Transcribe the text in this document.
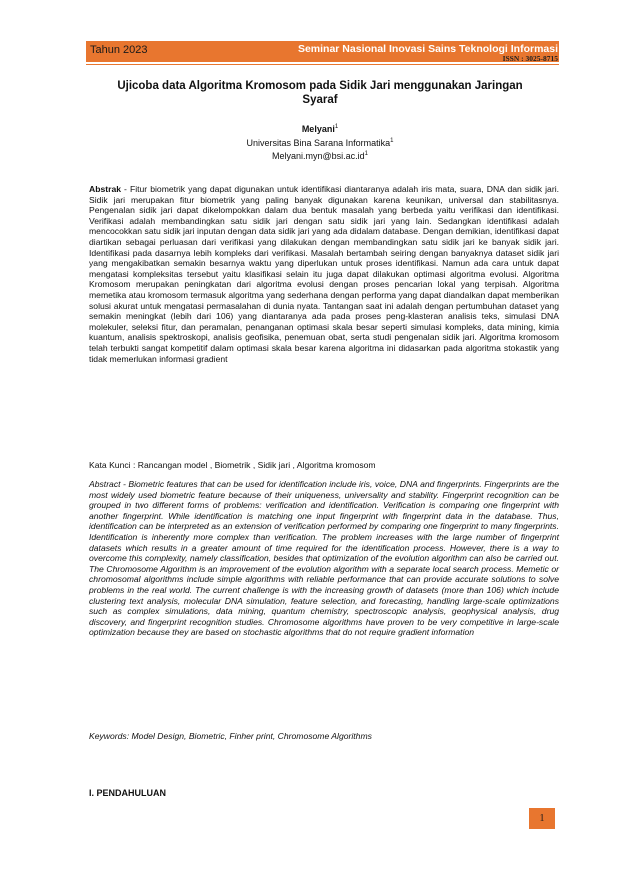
Tahun 2023	Seminar Nasional Inovasi Sains Teknologi Informasi
ISSN : 3025-8715
Ujicoba data Algoritma Kromosom pada Sidik Jari menggunakan Jaringan Syaraf
Melyani$^1$
Universitas Bina Sarana Informatika$^1$
$Melyani.myn@bsi.ac.id^1$

Abstrak - Fitur biometrik yang dapat digunakan untuk identifikasi diantaranya adalah iris mata, suara, DNA dan sidik jari. Sidik jari merupakan fitur biometrik yang paling banyak digunakan karena keunikan, universal dan stabilitasnya. Pengenalan sidik jari dapat dikelompokkan dalam dua bentuk masalah yang berbeda yaitu verifikasi dan identifikasi. Verifikasi adalah membandingkan satu sidik jari dengan satu sidik jari yang lain. Sedangkan identifikasi adalah mencocokkan satu sidik jari inputan dengan data sidik jari yang ada didalam database. Dengan demikian, identifikasi dapat diartikan sebagai perluasan dari verifikasi yang dilakukan dengan membandingkan satu sidik jari ke banyak sidik jari. Identifikasi pada dasarnya lebih kompleks dari verifikasi. Masalah bertambah seiring dengan banyaknya dataset sidik jari yang mengakibatkan semakin besarnya waktu yang diperlukan untuk proses identifikasi. Namun ada cara untuk dapat mengatasi kompleksitas tersebut yaitu klasifikasi selain itu juga dapat dilakukan optimasi algoritma evolusi. Algoritma Kromosom merupakan peningkatan dari algoritma evolusi dengan proses pencarian lokal yang terpisah. Algoritma memetika atau kromosom termasuk algoritma yang sederhana dengan performa yang dapat diandalkan dapat memberikan solusi akurat untuk mengatasi permasalahan di dunia nyata. Tantangan saat ini adalah dengan pertumbuhan dataset yang semakin meningkat (lebih dari 106) yang diantaranya ada pada proses peng-klasteran analisis teks, simulasi DNA molekuler, seleksi fitur, dan peramalan, penanganan optimasi skala besar seperti simulasi kompleks, data mining, kimia kuantum, analisis spektroskopi, analisis geofisika, penemuan obat, serta studi pengenalan sidik jari. Algoritma kromosom telah terbukti sangat kompetitif dalam optimasi skala besar karena algoritma ini didasarkan pada algoritma stokastik yang tidak memerlukan informasi gradient

Kata Kunci : Rancangan model , Biometrik , Sidik jari , Algoritma kromosom

Abstract - Biometric features that can be used for identification include iris, voice, DNA and fingerprints. Fingerprints are the most widely used biometric feature because of their uniqueness, universality and stability. Fingerprint recognition can be grouped in two different forms of problems: verification and identification. Verification is comparing one fingerprint with another fingerprint. While identification is matching one input fingerprint with fingerprint data in the database. Thus, identification can be interpreted as an extension of verification performed by comparing one fingerprint to many fingerprints. Identification is inherently more complex than verification. The problem increases with the large number of fingerprint datasets which results in a greater amount of time required for the identification process. However, there is a way to overcome this complexity, namely classification, besides that optimization of the evolution algorithm can also be carried out. The Chromosome Algorithm is an improvement of the evolution algorithm with a separate local search process. Memetic or chromosomal algorithms include simple algorithms with reliable performance that can provide accurate solutions to solve problems in the real world. The current challenge is with the increasing growth of datasets (more than 106) which include clustering text analysis, molecular DNA simulation, feature selection, and forecasting, handling large-scale optimizations such as complex simulations, data mining, quantum chemistry, spectroscopic analysis, geophysical analysis, drug discovery, and fingerprint recognition studies. Chromosome algorithms have proven to be very competitive in large-scale optimization because they are based on stochastic algorithms that do not require gradient information

Keywords: Model Design, Biometric, Finher print, Chromosome Algorithms

I. PENDAHULUAN
1
